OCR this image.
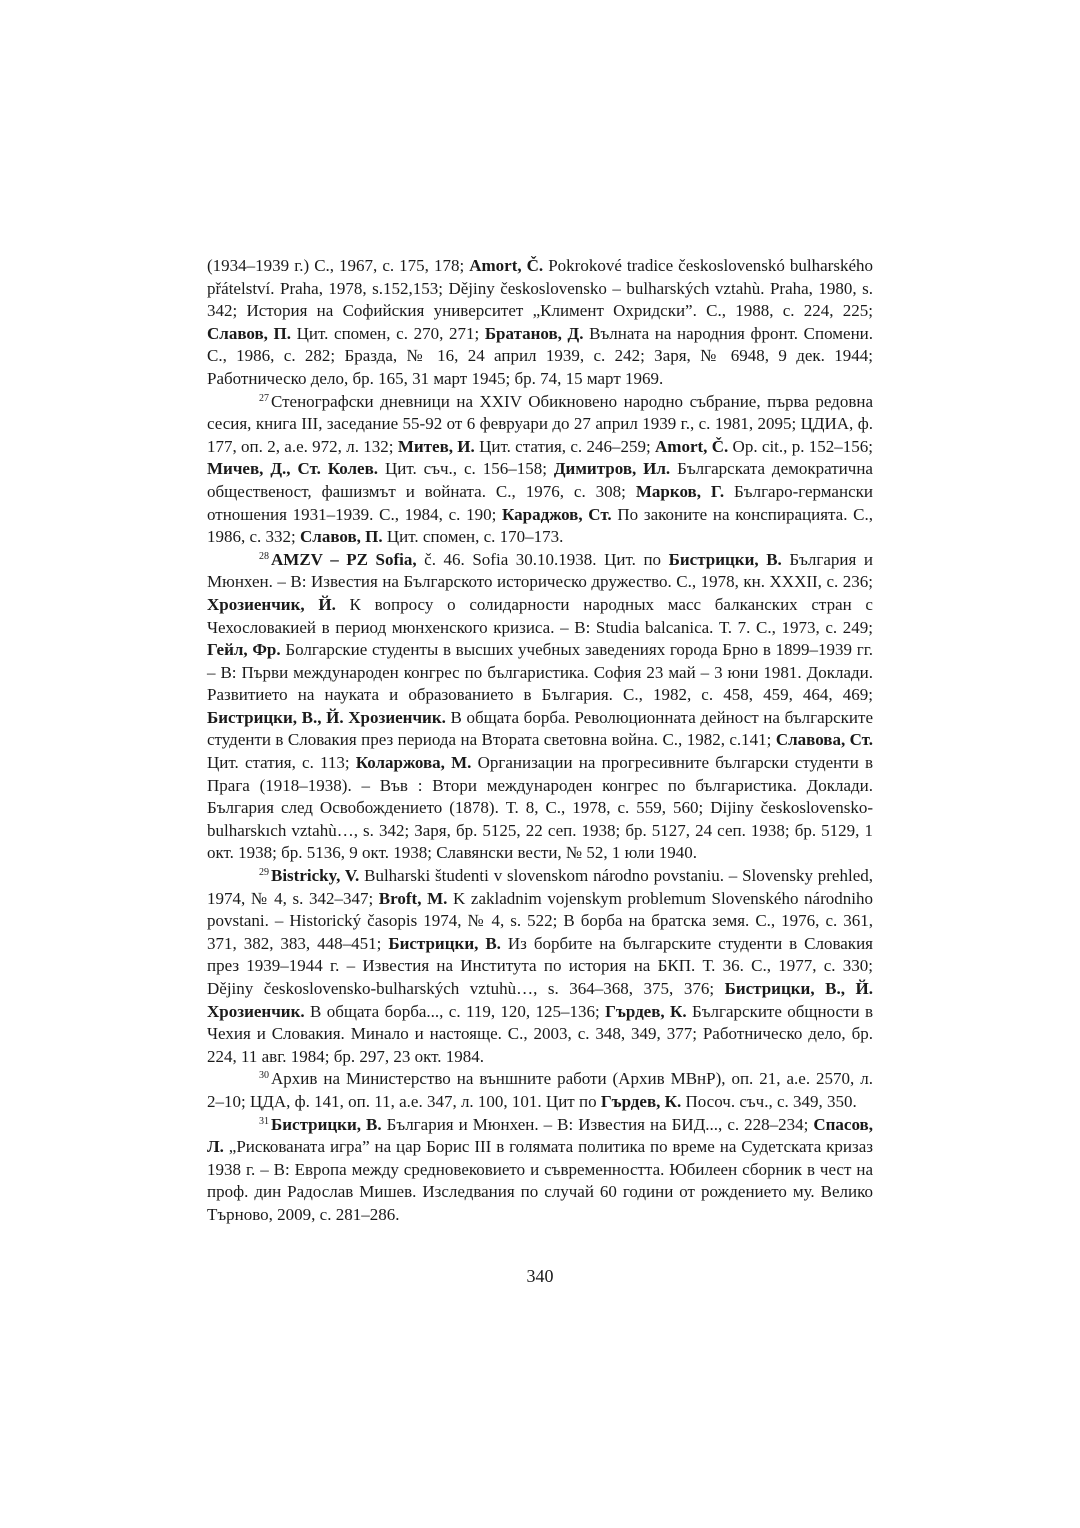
(1934–1939 г.) С., 1967, с. 175, 178; Amort, Č. Pokrokové tradice československó bulharského přátelství. Praha, 1978, s.152,153; Dějiny československo – bulharských vztahù. Praha, 1980, s. 342; История на Софийския университет „Климент Охридски”. С., 1988, с. 224, 225; Славов, П. Цит. спомен, с. 270, 271; Братанов, Д. Вълната на народния фронт. Спомени. С., 1986, с. 282; Бразда, № 16, 24 април 1939, с. 242; Заря, № 6948, 9 дек. 1944; Работническо дело, бр. 165, 31 март 1945; бр. 74, 15 март 1969.

$^{27}$ Стенографски дневници на XXIV Обикновено народно събрание, първа редовна сесия, книга III, заседание 55-92 от 6 февруари до 27 април 1939 г., с. 1981, 2095; ЦДИА, ф. 177, оп. 2, а.е. 972, л. 132; Митев, И. Цит. статия, с. 246–259; Amort, Č. Op. cit., p. 152–156; Мичев, Д., Ст. Колев. Цит. съч., с. 156–158; Димитров, Ил. Българската демократична общественост, фашизмът и войната. С., 1976, с. 308; Марков, Г. Българо-германски отношения 1931–1939. С., 1984, с. 190; Караджов, Ст. По законите на конспирацията. С., 1986, с. 332; Славов, П. Цит. спомен, с. 170–173.

$^{28}$ AMZV – PZ Sofia, č. 46. Sofia 30.10.1938. Цит. по Бистрицки, В. България и Мюнхен. – В: Известия на Българското историческо дружество. С., 1978, кн. XXXII, с. 236; Хрозиенчик, Й. К вопросу о солидарности народных масс балканских стран с Чехословакией в период мюнхенского кризиса. – В: Studia balcanica. Т. 7. С., 1973, с. 249; Гейл, Фр. Болгарские студенты в высших учебных заведениях города Брно в 1899–1939 гг. – В: Първи международен конгрес по българистика. София 23 май – 3 юни 1981. Доклади. Развитието на науката и образованието в България. С., 1982, с. 458, 459, 464, 469; Бистрицки, В., Й. Хрозиенчик. В общата борба. Революционната дейност на българските студенти в Словакия през периода на Втората световна война. С., 1982, с.141; Славова, Ст. Цит. статия, с. 113; Коларжова, М. Организации на прогресивните български студенти в Прага (1918–1938). – Във : Втори международен конгрес по българистика. Доклади. България след Освобождението (1878). Т. 8, С., 1978, с. 559, 560; Dijiny československo-bulharskıch vztahù…, s. 342; Заря, бр. 5125, 22 сеп. 1938; бр. 5127, 24 сеп. 1938; бр. 5129, 1 окт. 1938; бр. 5136, 9 окт. 1938; Славянски вести, № 52, 1 юли 1940.

$^{29}$ Bistricky, V. Bulharski študenti v slovenskom národno povstaniu. – Slovensky prehled, 1974, № 4, s. 342–347; Broft, M. K zakladnim vojenskym problemum Slovenského národniho povstani. – Historický časopis 1974, № 4, s. 522; В борба на братска земя. С., 1976, с. 361, 371, 382, 383, 448–451; Бистрицки, В. Из борбите на българските студенти в Словакия през 1939–1944 г. – Известия на Института по история на БКП. Т. 36. С., 1977, с. 330; Dějiny československo-bulharských vztuhù…, s. 364–368, 375, 376; Бистрицки, В., Й. Хрозиенчик. В общата борба..., с. 119, 120, 125–136; Гърдев, К. Българските общности в Чехия и Словакия. Минало и настояще. С., 2003, с. 348, 349, 377; Работническо дело, бр. 224, 11 авг. 1984; бр. 297, 23 окт. 1984.

$^{30}$ Архив на Министерство на външните работи (Архив МВнР), оп. 21, а.е. 2570, л. 2–10; ЦДА, ф. 141, оп. 11, а.е. 347, л. 100, 101. Цит по Гърдев, К. Посоч. съч., с. 349, 350.

$^{31}$ Бистрицки, В. България и Мюнхен. – В: Известия на БИД..., с. 228–234; Спасов, Л. „Рискованата игра” на цар Борис III в голямата политика по време на Судетската кризаз 1938 г. – В: Европа между средновековието и съвременността. Юбилеен сборник в чест на проф. дин Радослав Мишев. Изследвания по случай 60 години от рождението му. Велико Търново, 2009, с. 281–286.

340
